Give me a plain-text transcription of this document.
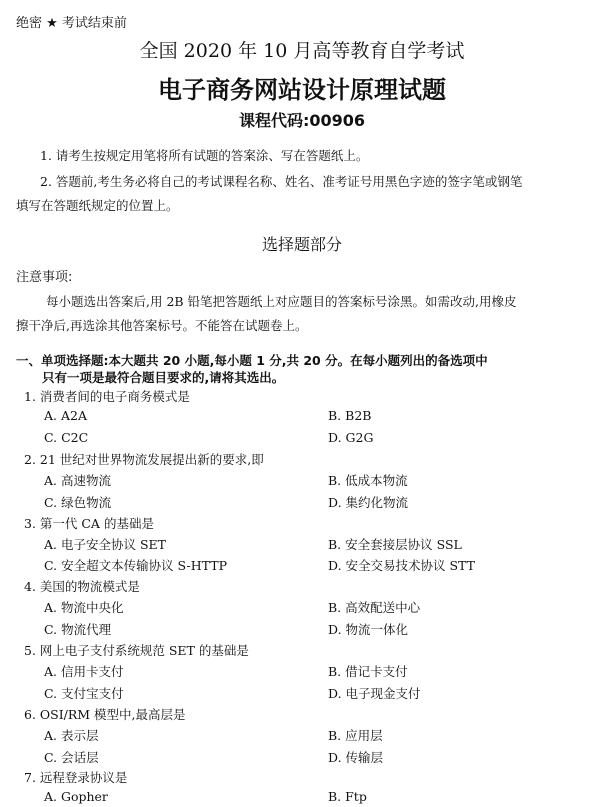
绝密 ★ 考试结束前
全国 2020 年 10 月高等教育自学考试
电子商务网站设计原理试题
课程代码:00906
1. 请考生按规定用笔将所有试题的答案涂、写在答题纸上。
2. 答题前,考生务必将自己的考试课程名称、姓名、准考证号用黑色字迹的签字笔或钢笔
填写在答题纸规定的位置上。
选择题部分
注意事项:
每小题选出答案后,用 2B 铅笔把答题纸上对应题目的答案标号涂黑。如需改动,用橡皮
擦干净后,再选涂其他答案标号。不能答在试题卷上。
一、单项选择题:本大题共 20 小题,每小题 1 分,共 20 分。在每小题列出的备选项中
只有一项是最符合题目要求的,请将其选出。
1. 消费者间的电子商务模式是
A. A2A	B. B2B
C. C2C	D. G2G
2. 21 世纪对世界物流发展提出新的要求,即
A. 高速物流	B. 低成本物流
C. 绿色物流	D. 集约化物流
3. 第一代 CA 的基础是
A. 电子安全协议 SET	B. 安全套接层协议 SSL
C. 安全超文本传输协议 S-HTTP	D. 安全交易技术协议 STT
4. 美国的物流模式是
A. 物流中央化	B. 高效配送中心
C. 物流代理	D. 物流一体化
5. 网上电子支付系统规范 SET 的基础是
A. 信用卡支付	B. 借记卡支付
C. 支付宝支付	D. 电子现金支付
6. OSI/RM 模型中,最高层是
A. 表示层	B. 应用层
C. 会话层	D. 传输层
7. 远程登录协议是
A. Gopher	B. Ftp
